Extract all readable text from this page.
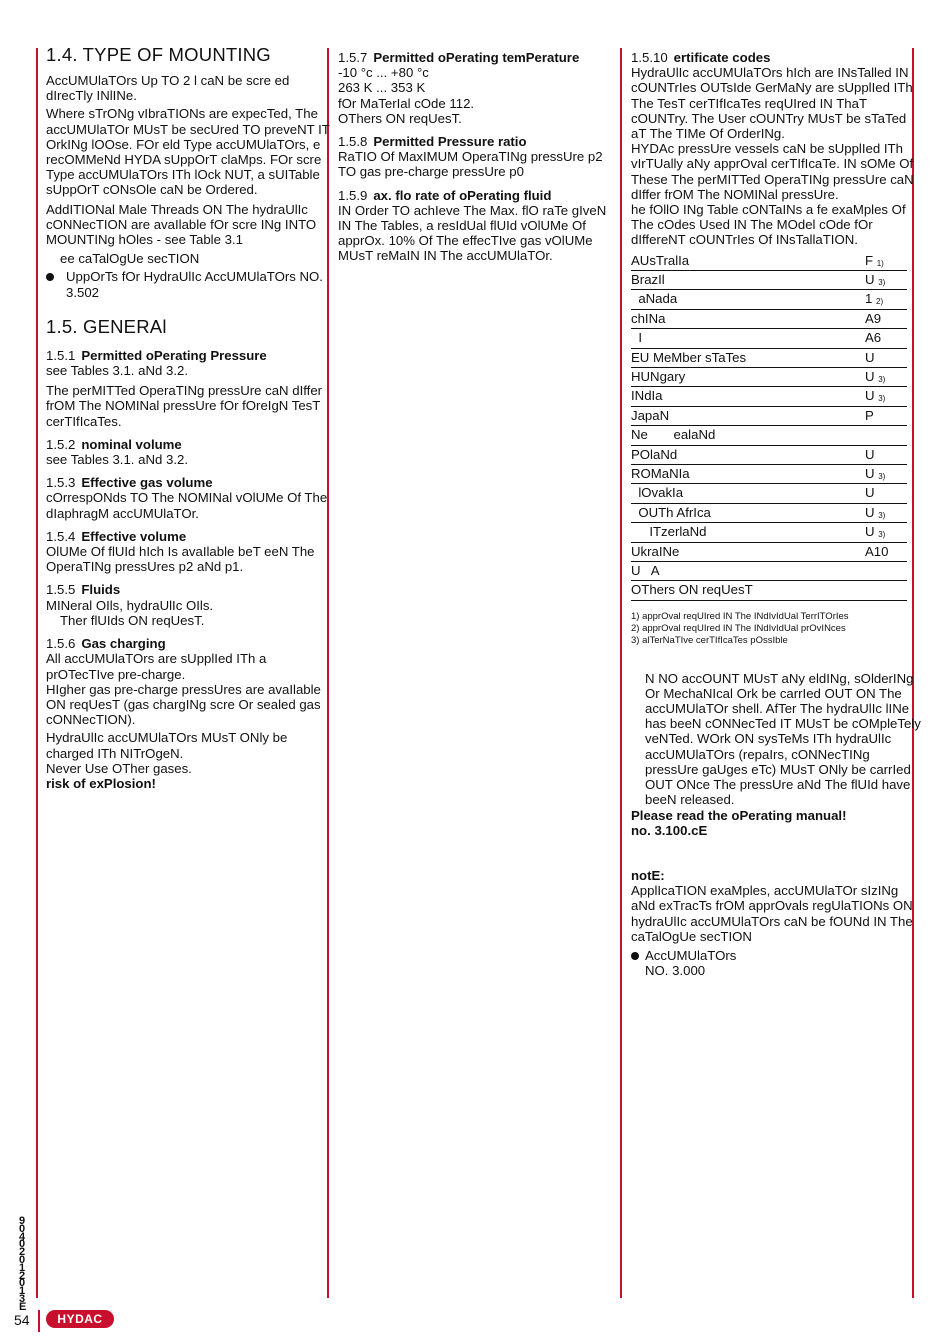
1.4. TYPE OF MOUNTING

AccUMUlaTOrs Up TO 2 l caN be scre ed dIrecTly INlINe.

Where sTrONg vIbraTIONs are expecTed, The accUMUlaTOr MUsT be secUred TO preveNT IT OrkINg lOOse. FOr eld Type accUMUlaTOrs, e recOMMeNd HYDA sUppOrT claMps. FOr scre Type accUMUlaTOrs ITh lOck NUT, a sUITable sUppOrT cONsOle caN be Ordered.

AddITIONal Male Threads ON The hydraUlIc cONNecTION are avaIlable fOr scre INg INTO MOUNTINg hOles - see Table 3.1

ee caTalOgUe secTION

UppOrTs fOr HydraUlIc AccUMUlaTOrs NO. 3.502
1.5. GENERAl
1.5.1 Permitted oPerating Pressure

see Tables 3.1. aNd 3.2.

The perMITTed OperaTINg pressUre caN dIffer frOM The NOMINal pressUre fOr fOreIgN TesT cerTIfIcaTes.

1.5.2 nominal volume

see Tables 3.1. aNd 3.2.

1.5.3 Effective gas volume

cOrrespONds TO The NOMINal vOlUMe Of The dIaphragM accUMUlaTOr.

1.5.4 Effective volume

OlUMe Of flUId hIch Is avaIlable beT eeN The OperaTINg pressUres p2 aNd p1.

1.5.5 Fluids

MINeral OIls, hydraUlIc OIls.

Ther flUIds ON reqUesT.

1.5.6 Gas charging

All accUMUlaTOrs are sUpplIed ITh a prOTecTIve pre-charge.

HIgher gas pre-charge pressUres are avaIlable ON reqUesT (gas chargINg scre Or sealed gas cONNecTION).

HydraUlIc accUMUlaTOrs MUsT ONly be charged ITh NITrOgeN.

Never Use OTher gases.

risk of exPlosion!

1.5.7 Permitted oPerating temPerature

-10 °c ... +80 °c

263 K ... 353 K

fOr MaTerIal cOde 112.

OThers ON reqUesT.

1.5.8 Permitted Pressure ratio

RaTIO Of MaxIMUM OperaTINg pressUre p2 TO gas pre-charge pressUre p0

1.5.9 ax. flo rate of oPerating fluid

IN Order TO achIeve The Max. flO raTe gIveN IN The Tables, a resIdUal flUId vOlUMe Of apprOx. 10% Of The effecTIve gas vOlUMe MUsT reMaIN IN The accUMUlaTOr.

1.5.10 ertificate codes

HydraUlIc accUMUlaTOrs hIch are INsTalled IN cOUNTrIes OUTsIde GerMaNy are sUpplIed ITh The TesT cerTIfIcaTes reqUIred IN ThaT cOUNTry. The User cOUNTry MUsT be sTaTed aT The TIMe Of OrderINg.

HYDAc pressUre vessels caN be sUpplIed ITh vIrTUally aNy apprOval cerTIfIcaTe. IN sOMe Of These The perMITTed OperaTINg pressUre caN dIffer frOM The NOMINal pressUre.

he fOllO INg Table cONTaINs a fe exaMples Of The cOdes Used IN The MOdel cOde fOr dIffereNT cOUNTrIes Of INsTallaTION.

AUsTralIa	F 1)
BrazIl	U 3)
aNada	1 2)
chINa	A9
I	A6
EU MeMber sTaTes	U
HUNgary	U 3)
INdIa	U 3)
JapaN	P
Ne       ealaNd
POlaNd	U
ROMaNIa	U 3)
lOvakIa	U
OUTh AfrIca	U 3)
ITzerlaNd	U 3)
UkraINe	A10
U   A
OThers ON reqUesT
1) apprOval reqUIred IN The INdIvIdUal TerrITOrIes
2) apprOval reqUIred IN The INdIvIdUal prOvINces
3) alTerNaTIve cerTIfIcaTes pOssIble

N NO accOUNT MUsT aNy eldINg, sOlderINg Or MechaNIcal Ork be carrIed OUT ON The accUMUlaTOr shell. AfTer The hydraUlIc lINe has beeN cONNecTed IT MUsT be cOMpleTely veNTed. WOrk ON sysTeMs ITh hydraUlIc accUMUlaTOrs (repaIrs, cONNecTINg pressUre gaUges eTc) MUsT ONly be carrIed OUT ONce The pressUre aNd The flUId have beeN released.

Please read the oPerating manual!

no. 3.100.cE

notE:

ApplIcaTION exaMples, accUMUlaTOr sIzINg aNd exTracTs frOM apprOvals regUlaTIONs ON hydraUlIc accUMUlaTOrs caN be fOUNd IN The caTalOgUe secTION

AccUMUlaTOrs
NO. 3.000
90402012013E
54	HYDAC
